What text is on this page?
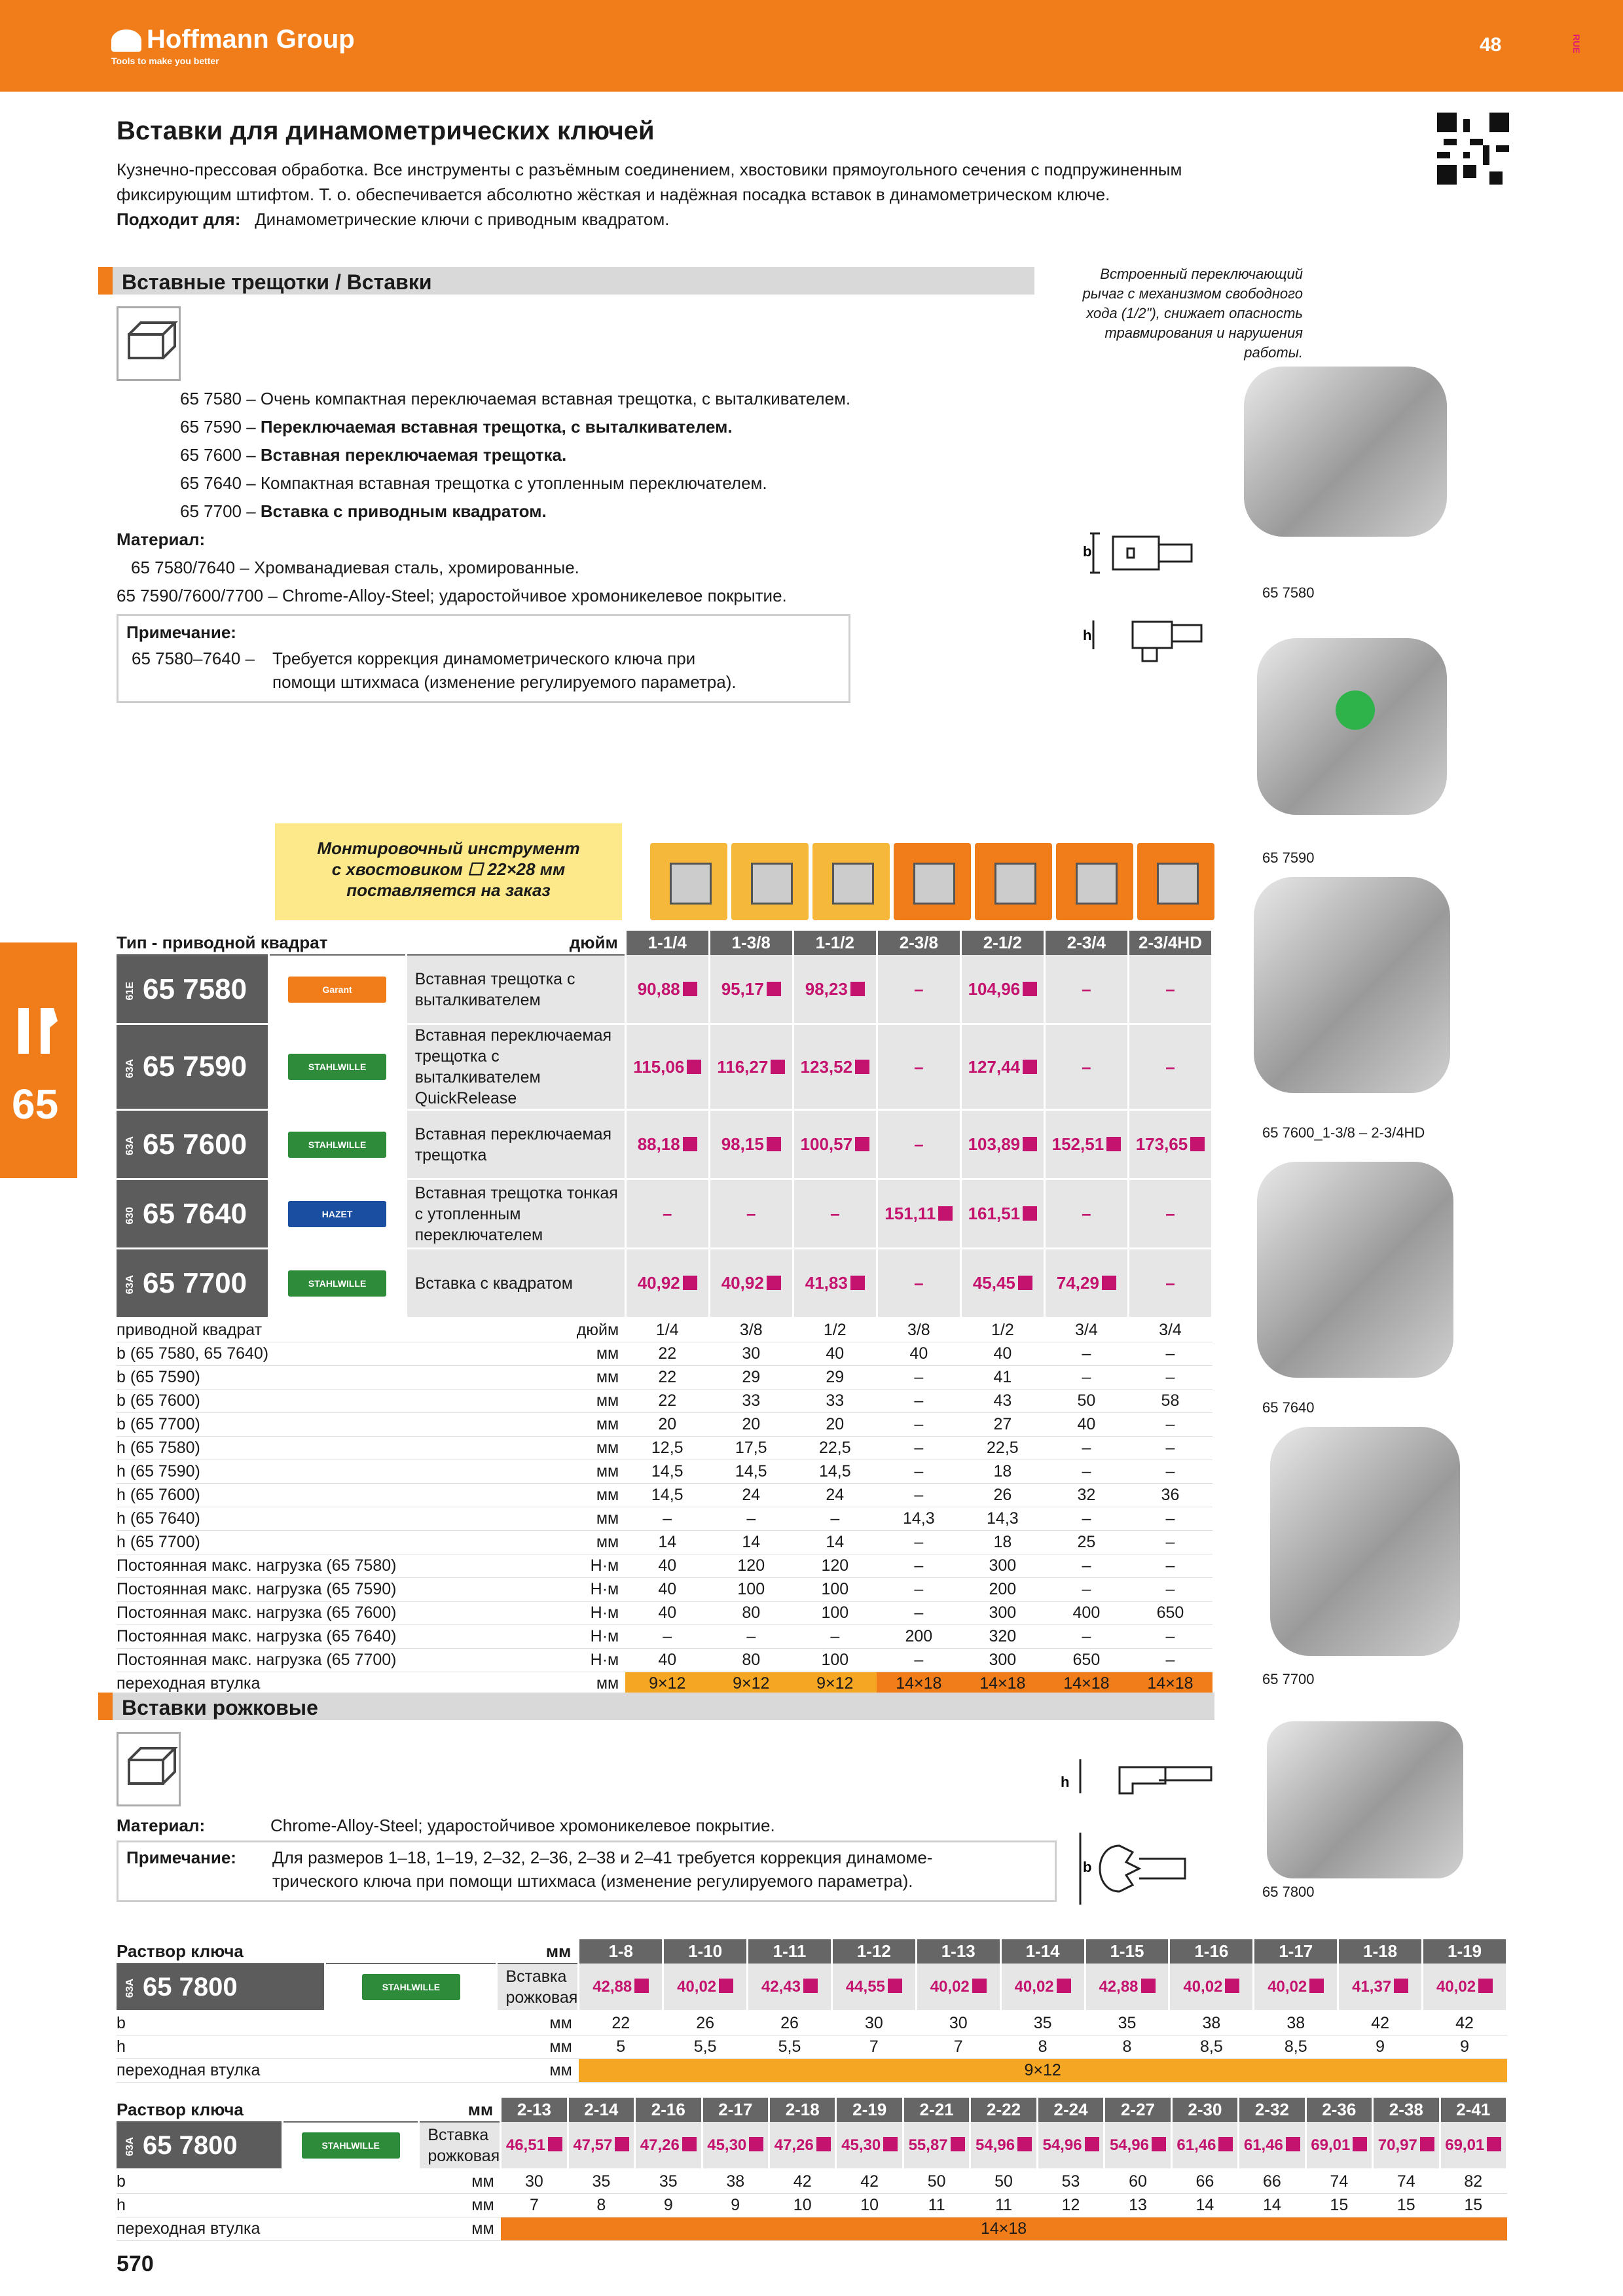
Hoffmann Group
Tools to make you better
48	RUE
Вставки для динамометрических ключей
Кузнечно-прессовая обработка. Все инструменты с разъёмным соединением, хвостовики прямоугольного сечения с подпружиненным
фиксирующим штифтом. Т. о. обеспечивается абсолютно жёсткая и надёжная посадка вставок в динамометрическом ключе.
Подходит для: Динамометрические ключи с приводным квадратом.
Вставные трещотки / Вставки
65 7580 – Очень компактная переключаемая вставная трещотка, с выталкивателем.
65 7590 – Переключаемая вставная трещотка, с выталкивателем.
65 7600 – Вставная переключаемая трещотка.
65 7640 – Компактная вставная трещотка с утопленным переключателем.
65 7700 – Вставка с приводным квадратом.
Материал:
65 7580/7640 – Хромванадиевая сталь, хромированные.
65 7590/7600/7700 – Chrome-Alloy-Steel; ударостойчивое хромоникелевое покрытие.
Примечание:
65 7580–7640 – Требуется коррекция динамометрического ключа при
помощи штихмаса (изменение регулируемого параметра).
Встроенный переключающий
рычаг с механизмом свободного
хода (1/2"), снижает опасность
травмирования и нарушения
работы.
b
h
65 7580
65 7590
65 7600_1-3/8 – 2-3/4HD
65 7640
65 7700
Монтировочный инструмент
с хвостовиком ☐ 22×28 мм
поставляется на заказ
Тип - приводной квадрат		дюйм	1-1/4	1-3/8	1-1/2	2-3/8	2-1/2	2-3/4	2-3/4HD
61E 65 7580	Garant	Вставная трещотка с выталкивателем	90,88	95,17	98,23	–	104,96	–	–
63A 65 7590	STAHLWILLE	Вставная переключаемая трещотка с выталкивателем QuickRelease	115,06	116,27	123,52	–	127,44	–	–
63A 65 7600	STAHLWILLE	Вставная переключаемая трещотка	88,18	98,15	100,57	–	103,89	152,51	173,65
630 65 7640	HAZET	Вставная трещотка тонкая с утопленным переключателем	–	–	–	151,11	161,51	–	–
63A 65 7700	STAHLWILLE	Вставка с квадратом	40,92	40,92	41,83	–	45,45	74,29	–
приводной квадрат		дюйм	1/4	3/8	1/2	3/8	1/2	3/4	3/4
b (65 7580, 65 7640)		мм	22	30	40	40	40	–	–
b (65 7590)		мм	22	29	29	–	41	–	–
b (65 7600)		мм	22	33	33	–	43	50	58
b (65 7700)		мм	20	20	20	–	27	40	–
h (65 7580)		мм	12,5	17,5	22,5	–	22,5	–	–
h (65 7590)		мм	14,5	14,5	14,5	–	18	–	–
h (65 7600)		мм	14,5	24	24	–	26	32	36
h (65 7640)		мм	–	–	–	14,3	14,3	–	–
h (65 7700)		мм	14	14	14	–	18	25	–
Постоянная макс. нагрузка (65 7580)		Н·м	40	120	120	–	300	–	–
Постоянная макс. нагрузка (65 7590)		Н·м	40	100	100	–	200	–	–
Постоянная макс. нагрузка (65 7600)		Н·м	40	80	100	–	300	400	650
Постоянная макс. нагрузка (65 7640)		Н·м	–	–	–	200	320	–	–
Постоянная макс. нагрузка (65 7700)		Н·м	40	80	100	–	300	650	–
переходная втулка		мм	9×12	9×12	9×12	14×18	14×18	14×18	14×18
Вставки рожковые
Материал:	Chrome-Alloy-Steel; ударостойчивое хромоникелевое покрытие.
Примечание: Для размеров 1–18, 1–19, 2–32, 2–36, 2–38 и 2–41 требуется коррекция динамоме-
трического ключа при помощи штихмаса (изменение регулируемого параметра).
h
b
65 7800
Раствор ключа		мм	1-8	1-10	1-11	1-12	1-13	1-14	1-15	1-16	1-17	1-18	1-19
63A 65 7800	STAHLWILLE	Вставка рожковая	42,88	40,02	42,43	44,55	40,02	40,02	42,88	40,02	40,02	41,37	40,02
b		мм	22	26	26	30	30	35	35	38	38	42	42
h		мм	5	5,5	5,5	7	7	8	8	8,5	8,5	9	9
переходная втулка		мм	9×12										
Раствор ключа		мм	2-13	2-14	2-16	2-17	2-18	2-19	2-21	2-22	2-24	2-27	2-30	2-32	2-36	2-38	2-41
63A 65 7800	STAHLWILLE	Вставка рожковая	46,51	47,57	47,26	45,30	47,26	45,30	55,87	54,96	54,96	54,96	61,46	61,46	69,01	70,97	69,01
b		мм	30	35	35	38	42	42	50	50	53	60	66	66	74	74	82
h		мм	7	8	9	9	10	10	11	11	12	13	14	14	15	15	15
переходная втулка		мм	14×18														
65
570
